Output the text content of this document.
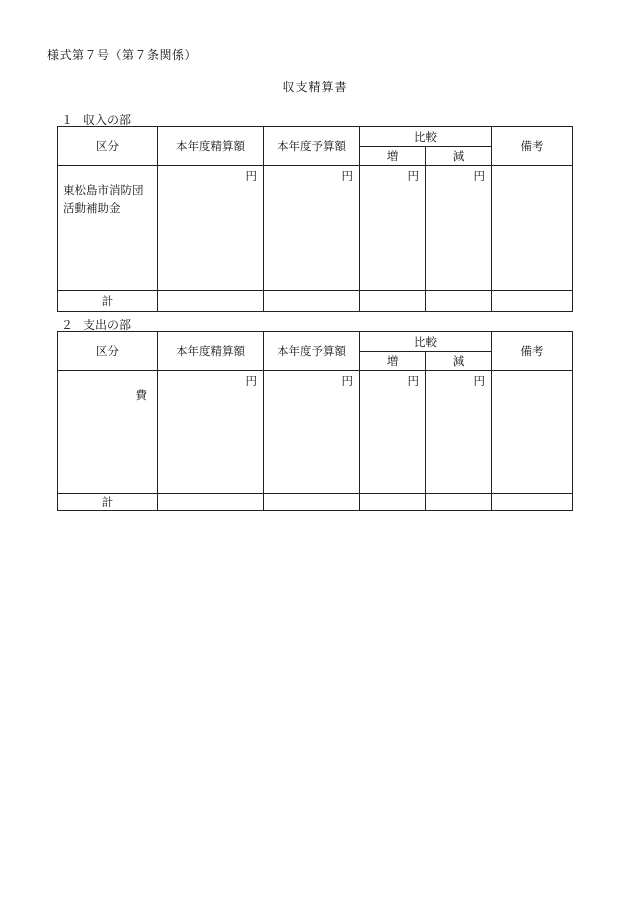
様式第７号（第７条関係）
収支精算書
１ 収入の部
区分	本年度精算額	本年度予算額	比較		備考
			増	減	

東松島市消防団
活動補助金	円	円	円	円	
計					
２ 支出の部
区分	本年度精算額	本年度予算額	比較		備考
			増	減	
費	円	円	円	円	
計					
